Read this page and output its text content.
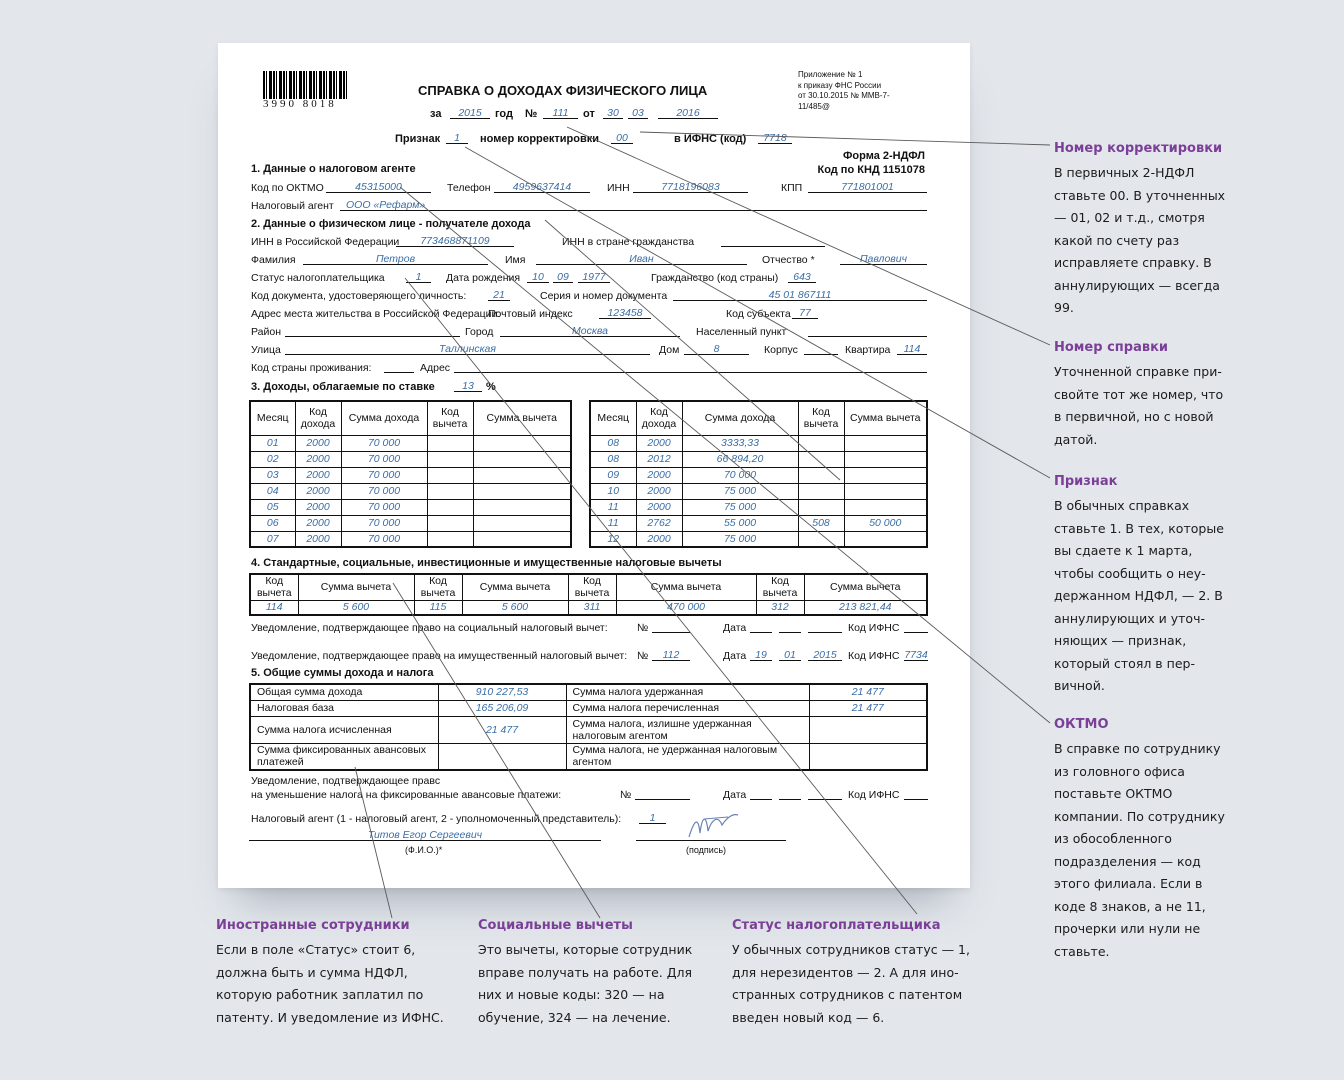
3990 8018
СПРАВКА О ДОХОДАХ ФИЗИЧЕСКОГО ЛИЦА
Приложение № 1
к приказу ФНС России
от 30.10.2015 № ММВ-7-
11/485@
за	2015	год №	111	от	30	03	2016
Признак	1	номер корректировки	00	в ИФНС (код)	7718
Форма 2-НДФЛ
Код по КНД 1151078
1. Данные о налоговом агенте
Код по ОКТМО	45315000	Телефон	4959637414	ИНН	7718196083	КПП	771801001
Налоговый агент	ООО «Рефарм»
2. Данные о физическом лице - получателе дохода
ИНН в Российской Федерации	773468871109	ИНН в стране гражданства
Фамилия	Петров	Имя	Иван	Отчество *	Павлович
Статус налогоплательщика	1	Дата рождения	10	09	1977	Гражданство (код страны)	643
Код документа, удостоверяющего личность:	21	Серия и номер документа	45 01 867111
Адрес места жительства в Российской Федерации:
Почтовый индекс	123458	Код субъекта 77
Район	Город	Москва	Населенный пункт
Улица	Таллинская	Дом	8	Корпус	Квартира	114
Код страны проживания:	Адрес
3. Доходы, облагаемые по ставке	13	%
Месяц	Код дохода	Сумма дохода	Код вычета	Сумма вычета
01	2000	70 000		
02	2000	70 000		
03	2000	70 000		
04	2000	70 000		
05	2000	70 000		
06	2000	70 000		
07	2000	70 000		
Месяц	Код дохода	Сумма дохода	Код вычета	Сумма вычета
08	2000	3333,33		
08	2012	66 894,20		
09	2000	70 000		
10	2000	75 000		
11	2000	75 000		
11	2762	55 000	508	50 000
12	2000	75 000		
4. Стандартные, социальные, инвестиционные и имущественные налоговые вычеты
Код вычета	Сумма вычета	Код вычета	Сумма вычета	Код вычета	Сумма вычета	Код вычета	Сумма вычета
114	5 600	115	5 600	311	470 000	312	213 821,44
Уведомление, подтверждающее право на социальный налоговый вычет:	№	Дата	Код ИФНС
Уведомление, подтверждающее право на имущественный налоговый вычет: №	112	Дата 19	01	2015	Код ИФНС 7734
5. Общие суммы дохода и налога
Общая сумма дохода	910 227,53	Сумма налога удержанная	21 477
Налоговая база	165 206,09	Сумма налога перечисленная	21 477
Сумма налога исчисленная	21 477	Сумма налога, излишне удержанная налоговым агентом	
Сумма фиксированных авансовых платежей		Сумма налога, не удержанная налоговым агентом	
Уведомление, подтверждающее правс
на уменьшение налога на фиксированные авансовые платежи:	№	Дата	Код ИФНС
Налоговый агент (1 - налоговый агент, 2 - уполномоченный представитель):	1
Титов Егор Сергеевич
(Ф.И.О.)*	(подпись)
Номер корректировки

В первичных 2-НДФЛ ставьте 00. В уточненных — 01, 02 и т.д., смотря какой по счету раз исправляете справку. В аннулирующих — всегда 99.

Номер справки

Уточненной справке присвойте тот же номер, что в первичной, но с новой датой.

Признак

В обычных справках ставьте 1. В тех, которые вы сдаете к 1 марта, чтобы сообщить о неудержанном НДФЛ, — 2. В аннулирующих и уточняющих — признак, который стоял в первичной.

ОКТМО

В справке по сотруднику из головного офиса поставьте ОКТМО компании. По сотруднику из обособленного подразделения — код этого филиала. Если в коде 8 знаков, а не 11, прочерки или нули не ставьте.

Иностранные сотрудники

Если в поле «Статус» стоит 6, должна быть и сумма НДФЛ, которую работник заплатил по патенту. И уведомление из ИФНС.

Социальные вычеты

Это вычеты, которые сотрудник вправе получать на работе. Для них и новые коды: 320 — на обучение, 324 — на лечение.

Статус налогоплательщика

У обычных сотрудников статус — 1, для нерезидентов — 2. А для иностранных сотрудников с патентом введен новый код — 6.
